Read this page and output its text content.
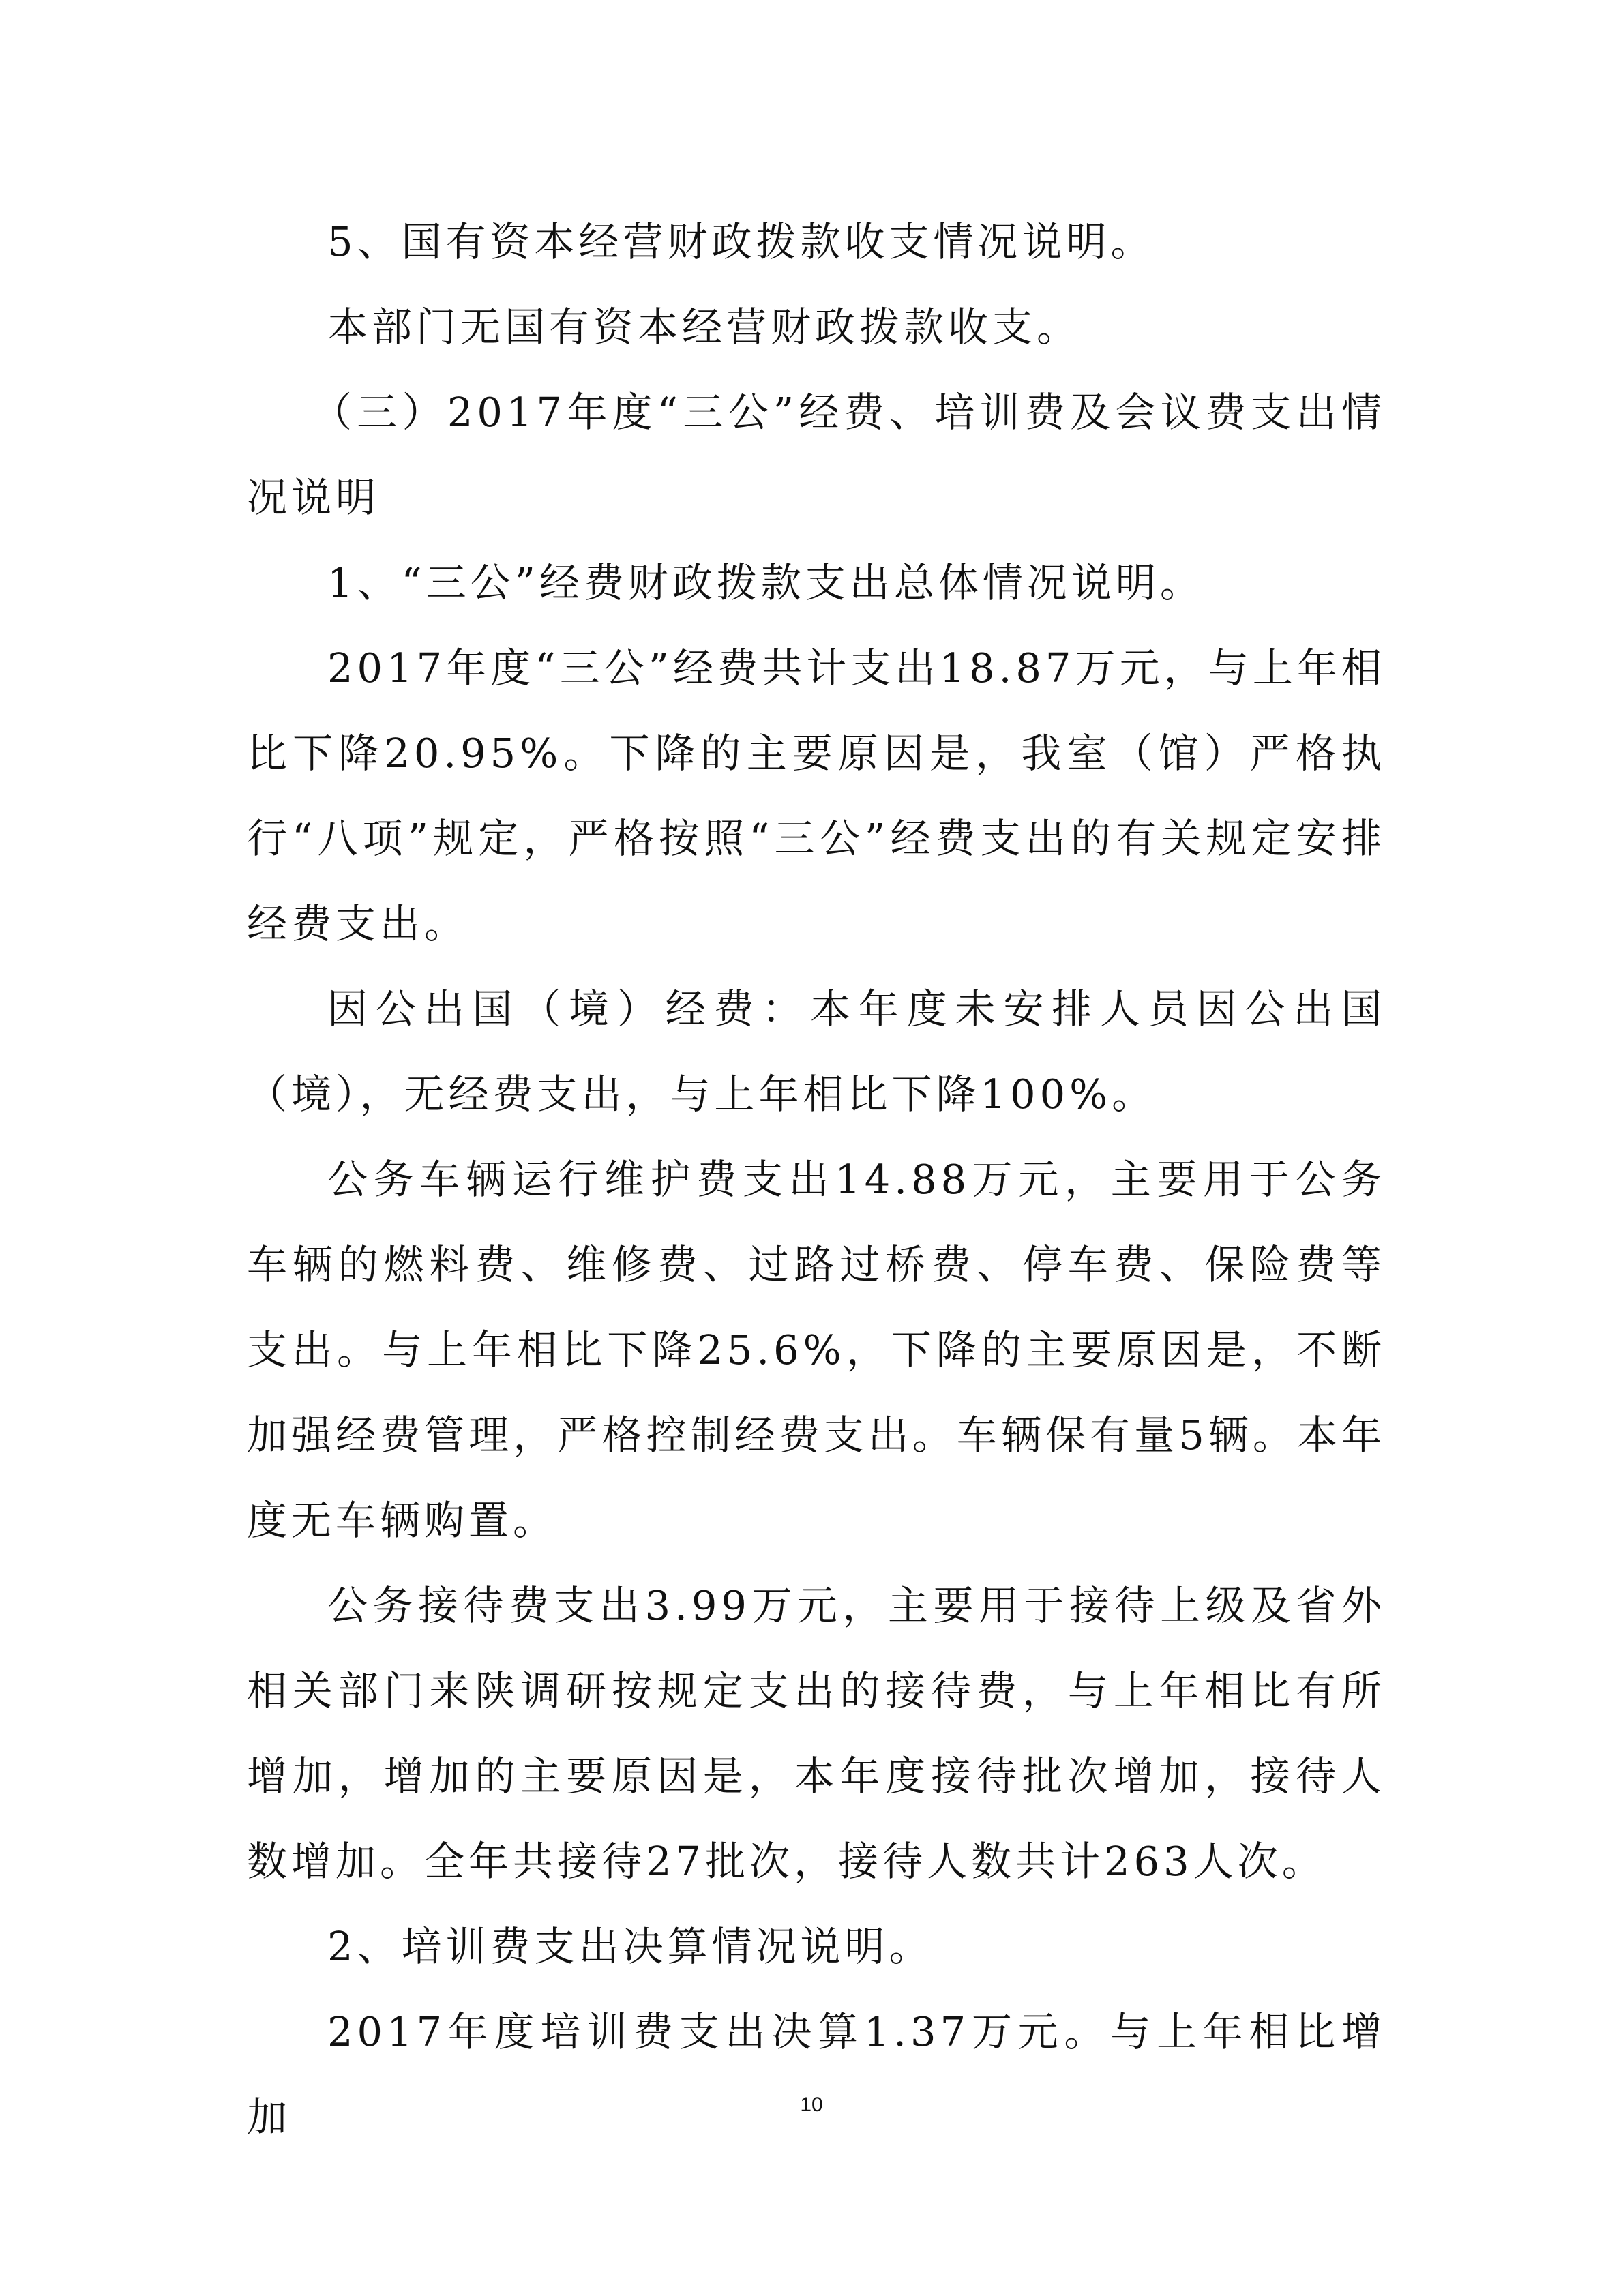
5、国有资本经营财政拨款收支情况说明。

本部门无国有资本经营财政拨款收支。

（三）2017年度“三公”经费、培训费及会议费支出情况说明

1、“三公”经费财政拨款支出总体情况说明。

2017年度“三公”经费共计支出18.87万元，与上年相比下降20.95%。下降的主要原因是，我室（馆）严格执行“八项”规定，严格按照“三公”经费支出的有关规定安排经费支出。

因公出国（境）经费：本年度未安排人员因公出国（境），无经费支出，与上年相比下降100%。

公务车辆运行维护费支出14.88万元，主要用于公务车辆的燃料费、维修费、过路过桥费、停车费、保险费等支出。与上年相比下降25.6%，下降的主要原因是，不断加强经费管理，严格控制经费支出。车辆保有量5辆。本年度无车辆购置。

公务接待费支出3.99万元，主要用于接待上级及省外相关部门来陕调研按规定支出的接待费，与上年相比有所增加，增加的主要原因是，本年度接待批次增加，接待人数增加。全年共接待27批次，接待人数共计263人次。

2、培训费支出决算情况说明。

2017年度培训费支出决算1.37万元。与上年相比增加	10
